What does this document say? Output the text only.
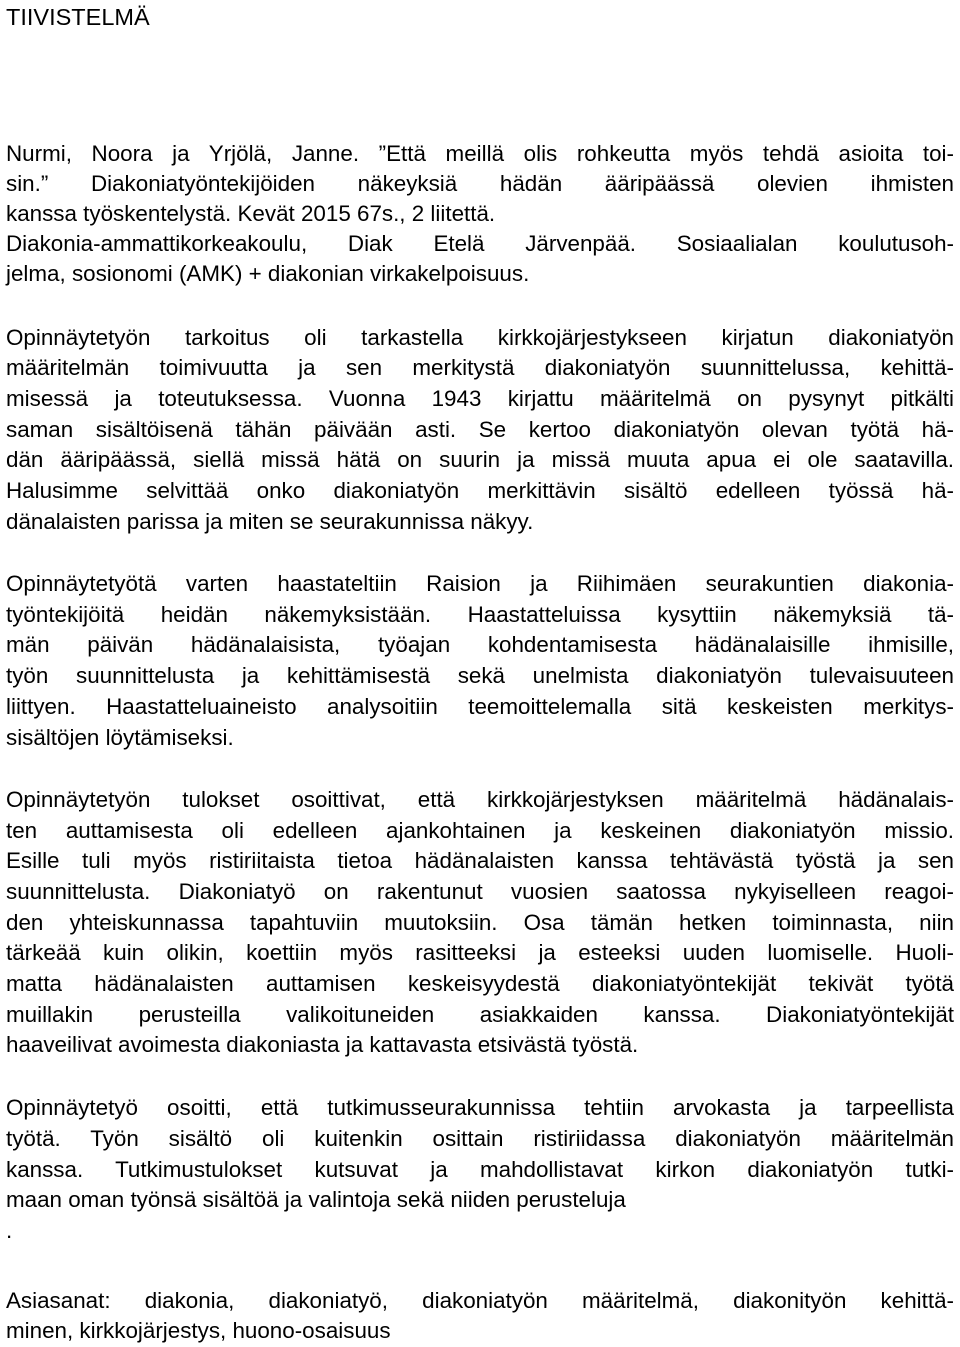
TIIVISTELMÄ

Nurmi, Noora ja Yrjölä, Janne. ”Että meillä olis rohkeutta myös tehdä asioita toi-

sin.” Diakoniatyöntekijöiden näkeyksiä hädän ääripäässä olevien ihmisten

kanssa työskentelystä. Kevät 2015 67s., 2 liitettä.

Diakonia-ammattikorkeakoulu, Diak Etelä Järvenpää. Sosiaalialan koulutusoh-

jelma, sosionomi (AMK) + diakonian virkakelpoisuus.

Opinnäytetyön tarkoitus oli tarkastella kirkkojärjestykseen kirjatun diakoniatyön

määritelmän toimivuutta ja sen merkitystä diakoniatyön suunnittelussa, kehittä-

misessä ja toteutuksessa. Vuonna 1943 kirjattu määritelmä on pysynyt pitkälti

saman sisältöisenä tähän päivään asti. Se kertoo diakoniatyön olevan työtä hä-

dän ääripäässä, siellä missä hätä on suurin ja missä muuta apua ei ole saatavilla.

Halusimme selvittää onko diakoniatyön merkittävin sisältö edelleen työssä hä-

dänalaisten parissa ja miten se seurakunnissa näkyy.

Opinnäytetyötä varten haastateltiin Raision ja Riihimäen seurakuntien diakonia-

työntekijöitä heidän näkemyksistään. Haastatteluissa kysyttiin näkemyksiä tä-

män päivän hädänalaisista, työajan kohdentamisesta hädänalaisille ihmisille,

työn suunnittelusta ja kehittämisestä sekä unelmista diakoniatyön tulevaisuuteen

liittyen. Haastatteluaineisto analysoitiin teemoittelemalla sitä keskeisten merkitys-

sisältöjen löytämiseksi.

Opinnäytetyön tulokset osoittivat, että kirkkojärjestyksen määritelmä hädänalais-

ten auttamisesta oli edelleen ajankohtainen ja keskeinen diakoniatyön missio.

Esille tuli myös ristiriitaista tietoa hädänalaisten kanssa tehtävästä työstä ja sen

suunnittelusta. Diakoniatyö on rakentunut vuosien saatossa nykyiselleen reagoi-

den yhteiskunnassa tapahtuviin muutoksiin. Osa tämän hetken toiminnasta, niin

tärkeää kuin olikin, koettiin myös rasitteeksi ja esteeksi uuden luomiselle. Huoli-

matta hädänalaisten auttamisen keskeisyydestä diakoniatyöntekijät tekivät työtä

muillakin perusteilla valikoituneiden asiakkaiden kanssa. Diakoniatyöntekijät

haaveilivat avoimesta diakoniasta ja kattavasta etsivästä työstä.

Opinnäytetyö osoitti, että tutkimusseurakunnissa tehtiin arvokasta ja tarpeellista

työtä. Työn sisältö oli kuitenkin osittain ristiriidassa diakoniatyön määritelmän

kanssa. Tutkimustulokset kutsuvat ja mahdollistavat kirkon diakoniatyön tutki-

maan oman työnsä sisältöä ja valintoja sekä niiden perusteluja

.

Asiasanat: diakonia, diakoniatyö, diakoniatyön määritelmä, diakonityön kehittä-

minen, kirkkojärjestys, huono-osaisuus
